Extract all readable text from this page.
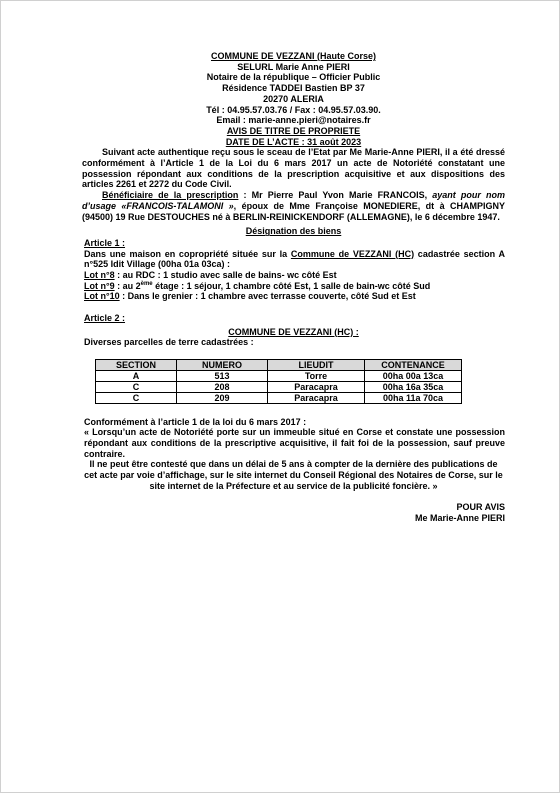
COMMUNE DE VEZZANI (Haute Corse)

SELURL Marie Anne PIERI

Notaire de la république – Officier Public

Résidence TADDEI Bastien BP 37

20270 ALERIA

Tél : 04.95.57.03.76 / Fax : 04.95.57.03.90.

Email : marie-anne.pieri@notaires.fr

AVIS DE TITRE DE PROPRIETE

DATE DE L’ACTE : 31 août 2023

Suivant acte authentique reçu sous le sceau de l’Etat par Me Marie-Anne PIERI, il a été dressé conformément à l’Article 1 de la Loi du 6 mars 2017 un acte de Notoriété constatant une possession répondant aux conditions de la prescription acquisitive et aux dispositions des articles 2261 et 2272 du Code Civil.

Bénéficiaire de la prescription : Mr Pierre Paul Yvon Marie FRANCOIS, ayant pour nom d’usage «FRANCOIS-TALAMONI », époux de Mme Françoise MONEDIERE, dt à CHAMPIGNY (94500) 19 Rue DESTOUCHES né à BERLIN-REINICKENDORF (ALLEMAGNE), le 6 décembre 1947.

Désignation des biens

Article 1 :

Dans une maison en copropriété située sur la Commune de VEZZANI (HC) cadastrée section A n°525 Idit Village (00ha 01a 03ca) :

Lot n°8 : au RDC : 1 studio avec salle de bains- wc côté Est

Lot n°9 : au 2ème étage : 1 séjour, 1 chambre côté Est, 1 salle de bain-wc côté Sud

Lot n°10 : Dans le grenier : 1 chambre avec terrasse couverte, côté Sud et Est

Article 2 :

COMMUNE DE VEZZANI (HC) :

Diverses parcelles de terre cadastrées :

SECTION	NUMERO	LIEUDIT	CONTENANCE
A	513	Torre	00ha 00a 13ca
C	208	Paracapra	00ha 16a 35ca
C	209	Paracapra	00ha 11a 70ca

Conformément à l’article 1 de la loi du 6 mars 2017 :

« Lorsqu’un acte de Notoriété porte sur un immeuble situé en Corse et constate une possession répondant aux conditions de la prescriptive acquisitive, il fait foi de la possession, sauf preuve contraire.

Il ne peut être contesté que dans un délai de 5 ans à compter de la dernière des publications de cet acte par voie d’affichage, sur le site internet du Conseil Régional des Notaires de Corse, sur le site internet de la Préfecture et au service de la publicité foncière. »

POUR AVIS

Me Marie-Anne PIERI
